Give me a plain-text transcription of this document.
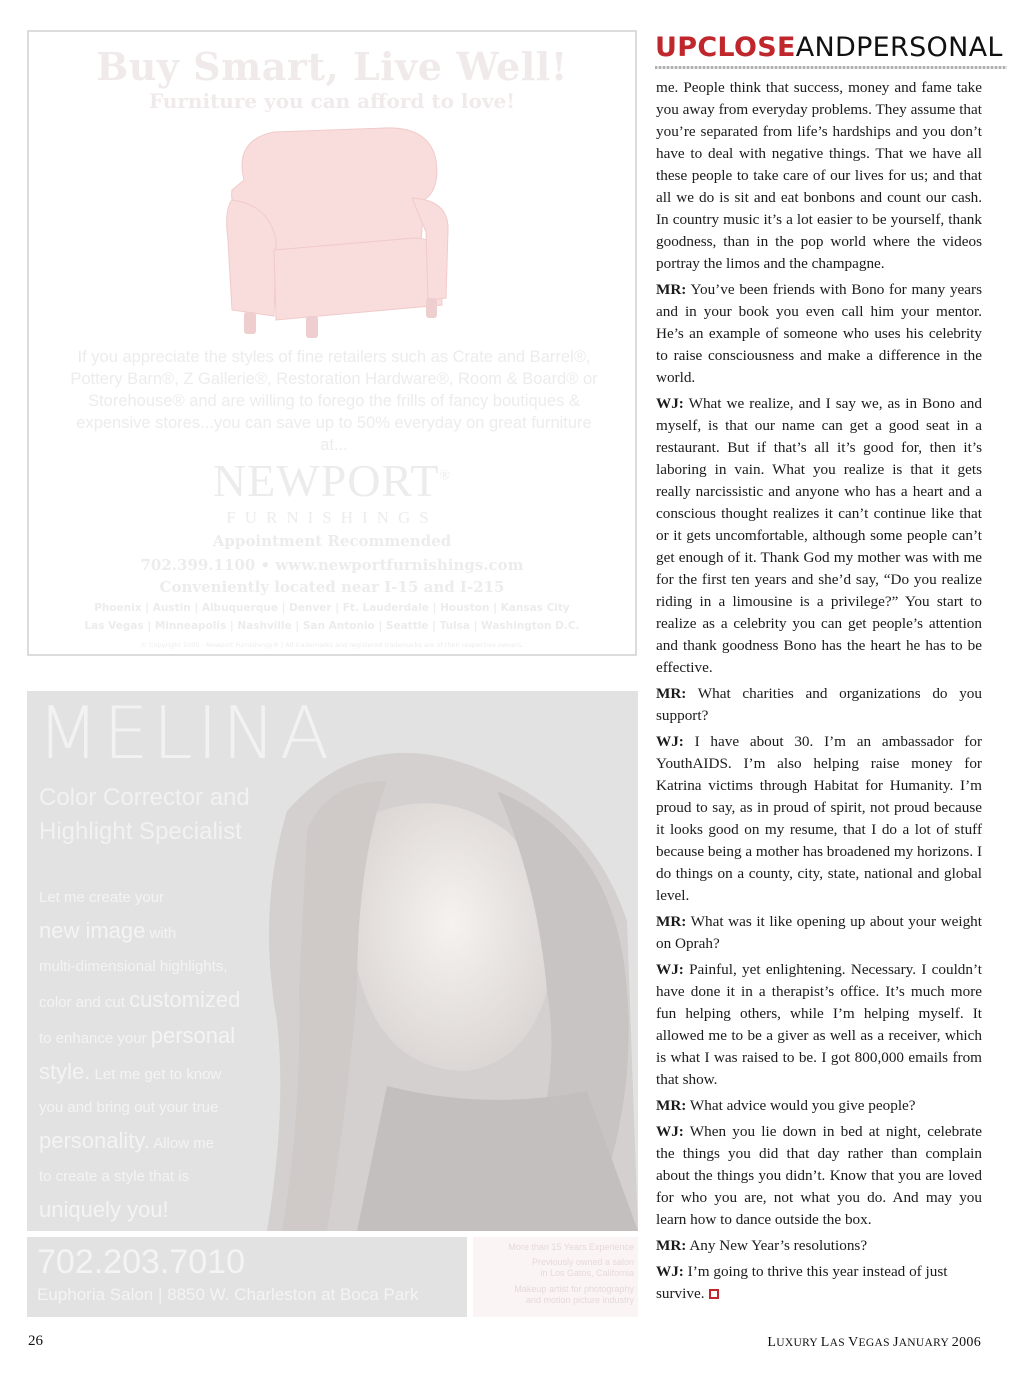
Buy Smart, Live Well!
Furniture you can afford to love!
If you appreciate the styles of fine retailers such as Crate and Barrel®, Pottery Barn®, Z Gallerie®, Restoration Hardware®, Room & Board® or Storehouse® and are willing to forego the frills of fancy boutiques & expensive stores...you can save up to 50% everyday on great furniture at...
NEWPORT®
FURNISHINGS
Appointment Recommended
702.399.1100 • www.newportfurnishings.com
Conveniently located near I-15 and I-215
Phoenix | Austin | Albuquerque | Denver | Ft. Lauderdale | Houston | Kansas City
Las Vegas | Minneapolis | Nashville | San Antonio | Seattle | Tulsa | Washington D.C.
© Copyright 2005 - Newport Furnishings® | All trademarks and registered trademarks are of their respective owners.
MELINA
Color Corrector and
Highlight Specialist
Let me create your
new image with
multi-dimensional highlights,
color and cut customized
to enhance your personal
style. Let me get to know
you and bring out your true
personality. Allow me
to create a style that is
uniquely you!
702.203.7010
Euphoria Salon | 8850 W. Charleston at Boca Park
More than 15 Years Experience
Previously owned a salon
in Los Gatos, California
Makeup artist for photography
and motion picture industry
UPCLOSEANDPERSONAL

me. People think that success, money and fame take you away from everyday problems. They assume that you’re separated from life’s hardships and you don’t have to deal with negative things. That we have all these people to take care of our lives for us; and that all we do is sit and eat bonbons and count our cash. In country music it’s a lot easier to be yourself, thank goodness, than in the pop world where the videos portray the limos and the champagne.

MR: You’ve been friends with Bono for many years and in your book you even call him your mentor. He’s an example of someone who uses his celebrity to raise consciousness and make a difference in the world.

WJ: What we realize, and I say we, as in Bono and myself, is that our name can get a good seat in a restaurant. But if that’s all it’s good for, then it’s laboring in vain. What you realize is that it gets really narcissistic and anyone who has a heart and a conscious thought realizes it can’t continue like that or it gets uncomfortable, although some people can’t get enough of it. Thank God my mother was with me for the first ten years and she’d say, “Do you realize riding in a limousine is a privilege?” You start to realize as a celebrity you can get people’s attention and thank goodness Bono has the heart he has to be effective.

MR: What charities and organizations do you support?

WJ: I have about 30. I’m an ambassador for YouthAIDS. I’m also helping raise money for Katrina victims through Habitat for Humanity. I’m proud to say, as in proud of spirit, not proud because it looks good on my resume, that I do a lot of stuff because being a mother has broadened my horizons. I do things on a county, city, state, national and global level.

MR: What was it like opening up about your weight on Oprah?

WJ: Painful, yet enlightening. Necessary. I couldn’t have done it in a therapist’s office. It’s much more fun helping others, while I’m helping myself. It allowed me to be a giver as well as a receiver, which is what I was raised to be. I got 800,000 emails from that show.

MR: What advice would you give people?

WJ: When you lie down in bed at night, celebrate the things you did that day rather than complain about the things you didn’t. Know that you are loved for who you are, not what you do. And may you learn how to dance outside the box.

MR: Any New Year’s resolutions?

WJ: I’m going to thrive this year instead of just survive.

26	LUXURY LAS VEGAS JANUARY 2006
